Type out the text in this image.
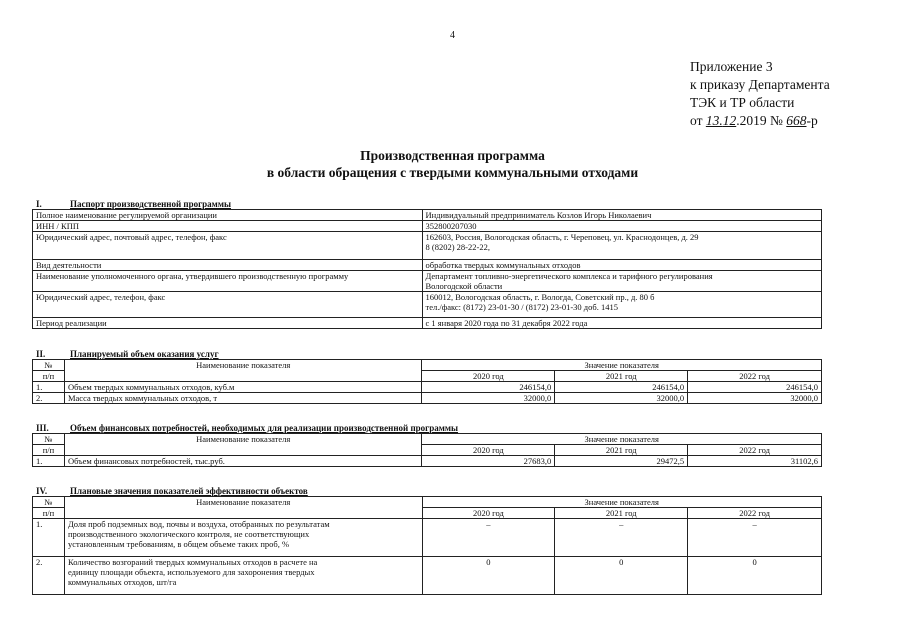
4
Приложение 3
к приказу Департамента
ТЭК и ТР области
от 13.12.2019 № 668-р
Производственная программа
в области обращения с твердыми коммунальными отходами
I.	Паспорт производственной программы
Полное наименование регулируемой организации	Индивидуальный предприниматель Козлов Игорь Николаевич
ИНН / КПП	352800207030
Юридический адрес, почтовый адрес, телефон, факс	162603, Россия, Вологодская область, г. Череповец, ул. Краснодонцев, д. 29
8 (8202) 28-22-22,

Вид деятельности	обработка твердых коммунальных отходов
Наименование уполномоченного органа, утвердившего производственную программу	Департамент топливно-энергетического комплекса и тарифного регулирования
Вологодской области

Юридический адрес, телефон, факс	160012, Вологодская область, г. Вологда, Советский пр., д. 80 б
тел./факс: (8172) 23-01-30 / (8172) 23-01-30 доб. 1415

Период реализации	с 1 января 2020 года по 31 декабря 2022 года
II.	Планируемый объем оказания услуг
№	Наименование показателя	Значение показателя		
п/п		2020 год	2021 год	2022 год
1.	Объем твердых коммунальных отходов, куб.м	246154,0	246154,0	246154,0
2.	Масса твердых коммунальных отходов, т	32000,0	32000,0	32000,0
III. Объем финансовых потребностей, необходимых для реализации производственной программы
№	Наименование показателя	Значение показателя		
п/п		2020 год	2021 год	2022 год
1.	Объем финансовых потребностей, тыс.руб.	27683,0	29472,5	31102,6
IV.	Плановые значения показателей эффективности объектов
№	Наименование показателя	Значение показателя		
п/п		2020 год	2021 год	2022 год
1.	Доля проб подземных вод, почвы и воздуха, отобранных по результатам
производственного экологического контроля, не соответствующих
установленным требованиям, в общем объеме таких проб, %	–	–	–
2.	Количество возгораний твердых коммунальных отходов в расчете на
единицу площади объекта, используемого для захоронения твердых
коммунальных отходов, шт/га	0	0	0
